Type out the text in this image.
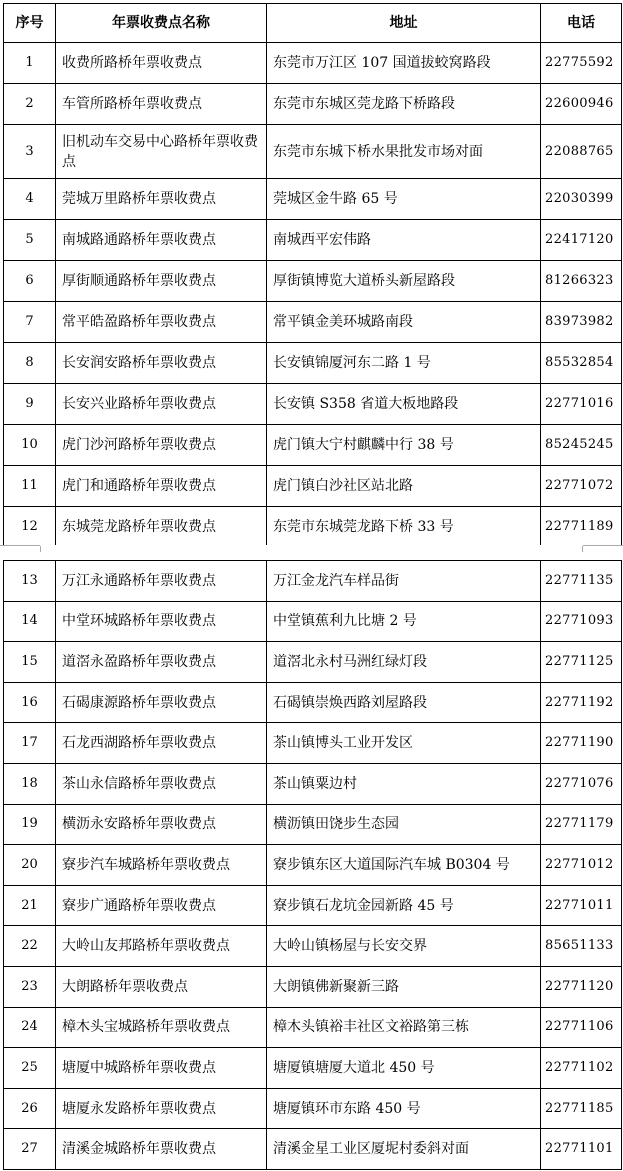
序号	年票收费点名称	地址	电话
1	收费所路桥年票收费点	东莞市万江区 107 国道拔蛟窝路段	22775592
2	车管所路桥年票收费点	东莞市东城区莞龙路下桥路段	22600946
3	旧机动车交易中心路桥年票收费点	东莞市东城下桥水果批发市场对面	22088765
4	莞城万里路桥年票收费点	莞城区金牛路 65 号	22030399
5	南城路通路桥年票收费点	南城西平宏伟路	22417120
6	厚街顺通路桥年票收费点	厚街镇博览大道桥头新屋路段	81266323
7	常平皓盈路桥年票收费点	常平镇金美环城路南段	83973982
8	长安润安路桥年票收费点	长安镇锦厦河东二路 1 号	85532854
9	长安兴业路桥年票收费点	长安镇 S358 省道大板地路段	22771016
10	虎门沙河路桥年票收费点	虎门镇大宁村麒麟中行 38 号	85245245
11	虎门和通路桥年票收费点	虎门镇白沙社区站北路	22771072
12	东城莞龙路桥年票收费点	东莞市东城莞龙路下桥 33 号	22771189
13	万江永通路桥年票收费点	万江金龙汽车样品街	22771135
14	中堂环城路桥年票收费点	中堂镇蕉利九比塘 2 号	22771093
15	道滘永盈路桥年票收费点	道滘北永村马洲红绿灯段	22771125
16	石碣康源路桥年票收费点	石碣镇崇焕西路刘屋路段	22771192
17	石龙西湖路桥年票收费点	茶山镇博头工业开发区	22771190
18	茶山永信路桥年票收费点	茶山镇粟边村	22771076
19	横沥永安路桥年票收费点	横沥镇田饶步生态园	22771179
20	寮步汽车城路桥年票收费点	寮步镇东区大道国际汽车城 B0304 号	22771012
21	寮步广通路桥年票收费点	寮步镇石龙坑金园新路 45 号	22771011
22	大岭山友邦路桥年票收费点	大岭山镇杨屋与长安交界	85651133
23	大朗路桥年票收费点	大朗镇佛新聚新三路	22771120
24	樟木头宝城路桥年票收费点	樟木头镇裕丰社区文裕路第三栋	22771106
25	塘厦中城路桥年票收费点	塘厦镇塘厦大道北 450 号	22771102
26	塘厦永发路桥年票收费点	塘厦镇环市东路 450 号	22771185
27	清溪金城路桥年票收费点	清溪金星工业区厦坭村委斜对面	22771101
